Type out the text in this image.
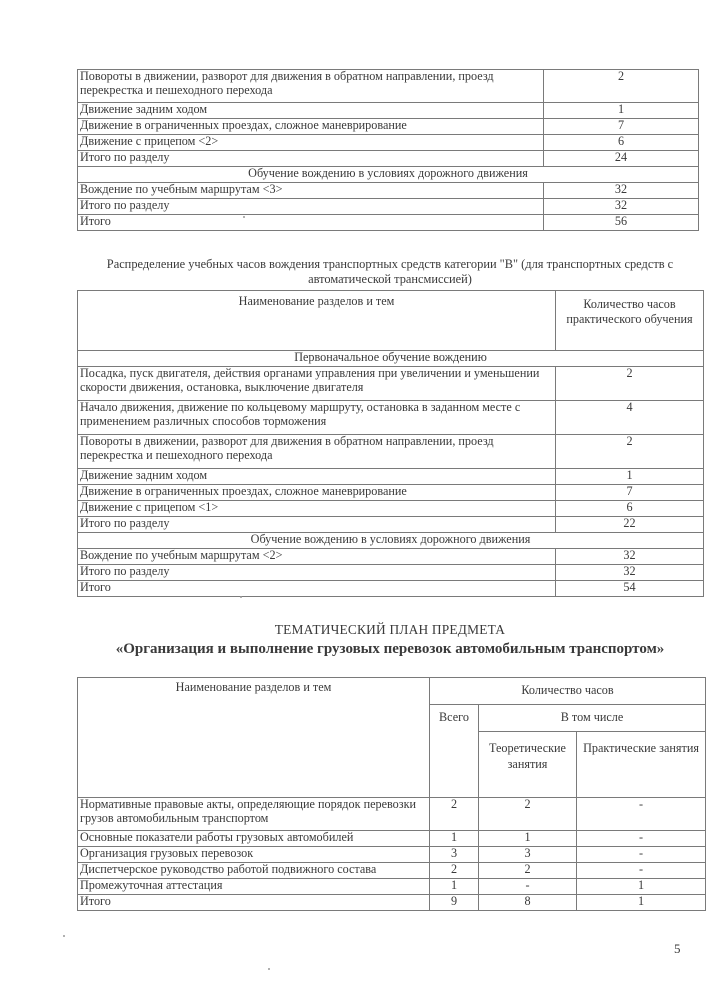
Повороты в движении, разворот для движения в обратном направлении, проезд перекрестка и пешеходного перехода	2
Движение задним ходом	1
Движение в ограниченных проездах, сложное маневрирование	7
Движение с прицепом <2>	6
Итого по разделу	24
Обучение вождению в условиях дорожного движения	
Вождение по учебным маршрутам <3>	32
Итого по разделу	32
Итого	56
Распределение учебных часов вождения транспортных средств категории "B" (для транспортных средств с автоматической трансмиссией)
Наименование разделов и тем	Количество часов практического обучения
Первоначальное обучение вождению	
Посадка, пуск двигателя, действия органами управления при увеличении и уменьшении скорости движения, остановка, выключение двигателя	2
Начало движения, движение по кольцевому маршруту, остановка в заданном месте с применением различных способов торможения	4
Повороты в движении, разворот для движения в обратном направлении, проезд перекрестка и пешеходного перехода	2
Движение задним ходом	1
Движение в ограниченных проездах, сложное маневрирование	7
Движение с прицепом <1>	6
Итого по разделу	22
Обучение вождению в условиях дорожного движения	
Вождение по учебным маршрутам <2>	32
Итого по разделу	32
Итого	54
ТЕМАТИЧЕСКИЙ ПЛАН ПРЕДМЕТА
«Организация и выполнение грузовых перевозок автомобильным транспортом»
Наименование разделов и тем	Количество часов		
	Всего	В том числе	
		Теоретические занятия	Практические занятия
Нормативные правовые акты, определяющие порядок перевозки грузов автомобильным транспортом	2	2	-
Основные показатели работы грузовых автомобилей	1	1	-
Организация грузовых перевозок	3	3	-
Диспетчерское руководство работой подвижного состава	2	2	-
Промежуточная аттестация	1	-	1
Итого	9	8	1
5
